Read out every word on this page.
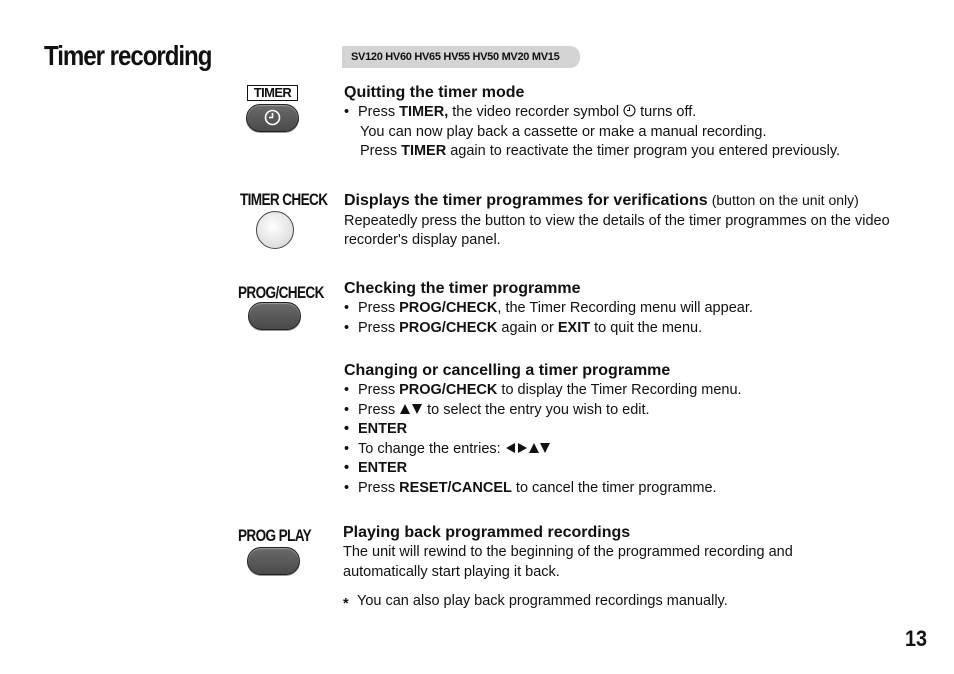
Timer recording	SV120 HV60 HV65 HV55 HV50 MV20 MV15
13
TIMER
TIMER CHECK
PROG/CHECK
PROG PLAY
Quitting the timer mode
• Press TIMER, the video recorder symbol  turns off.
You can now play back a cassette or make a manual recording.
Press TIMER again to reactivate the timer program you entered previously.
Displays the timer programmes for verifications (button on the unit only)
Repeatedly press the button to view the details of the timer programmes on the video recorder's display panel.
Checking the timer programme
• Press PROG/CHECK, the Timer Recording menu will appear.
• Press PROG/CHECK again or EXIT to quit the menu.
Changing or cancelling a timer programme
• Press PROG/CHECK to display the Timer Recording menu.
• Press  to select the entry you wish to edit.
• ENTER
• To change the entries:
• ENTER
• Press RESET/CANCEL to cancel the timer programme.
Playing back programmed recordings
The unit will rewind to the beginning of the programmed recording and automatically start playing it back.
* You can also play back programmed recordings manually.
